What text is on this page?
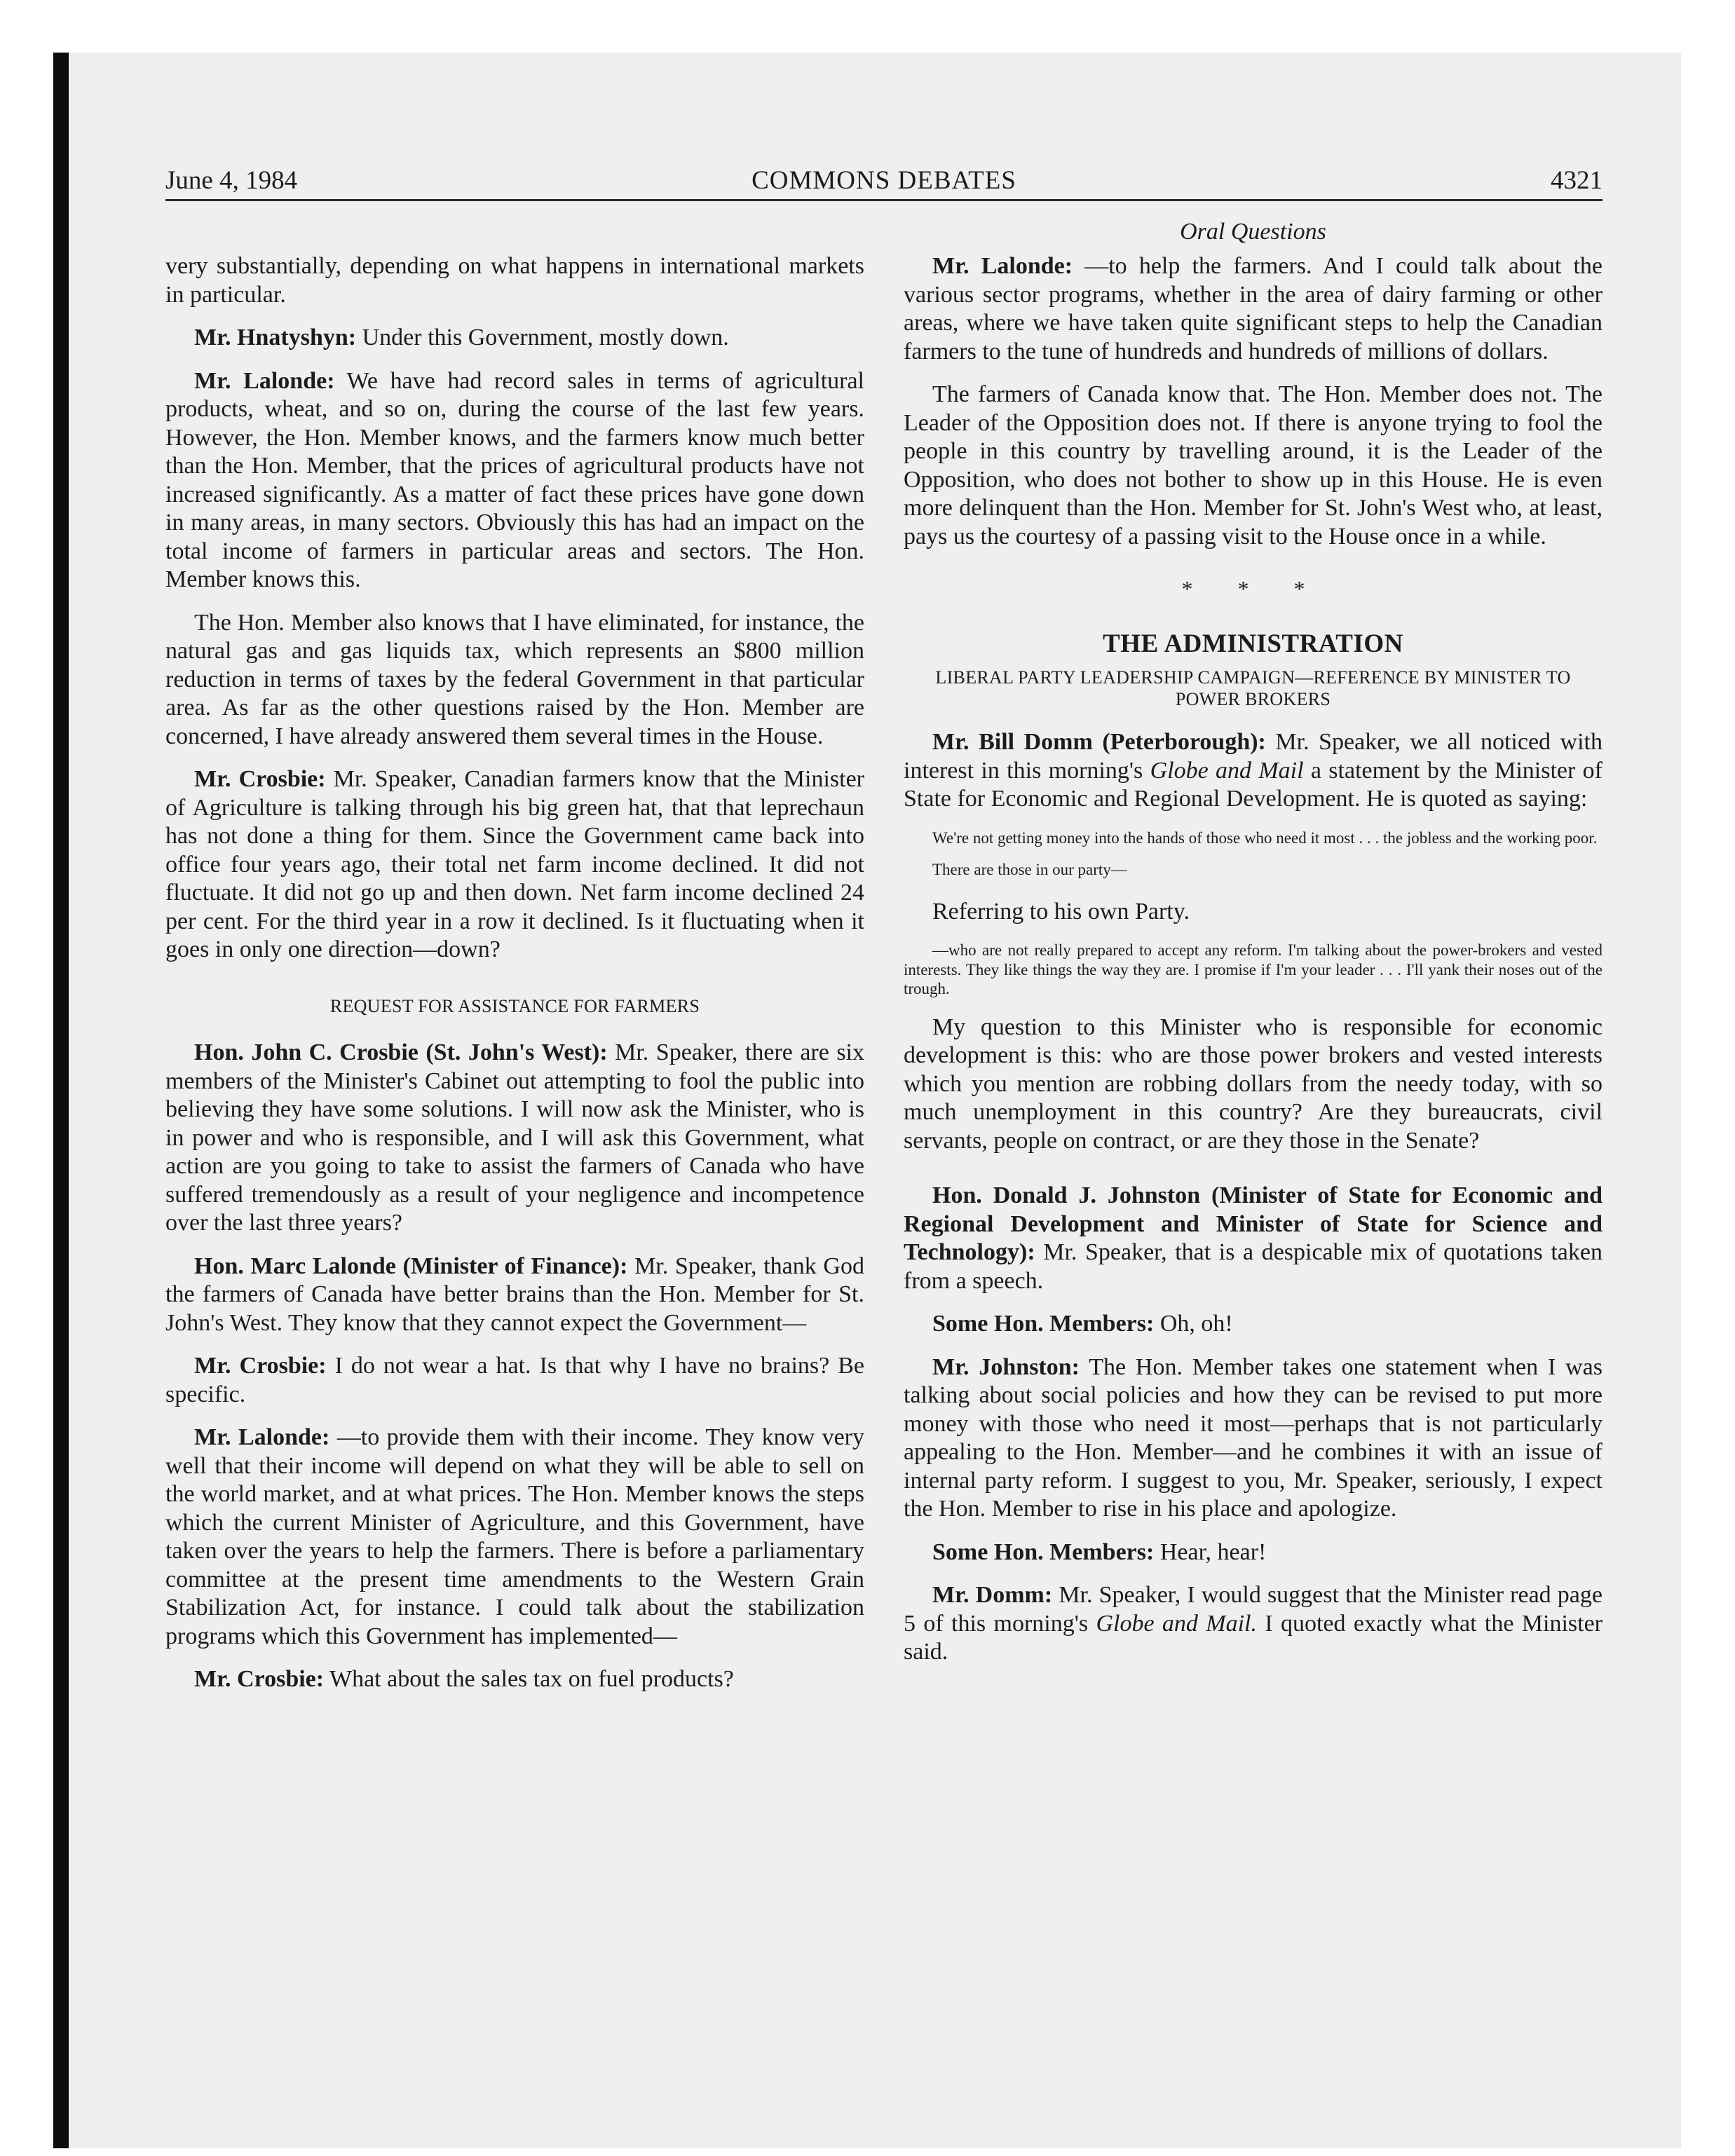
June 4, 1984	COMMONS DEBATES	4321
Oral Questions

very substantially, depending on what happens in international markets in particular.

Mr. Hnatyshyn: Under this Government, mostly down.

Mr. Lalonde: We have had record sales in terms of agricultural products, wheat, and so on, during the course of the last few years. However, the Hon. Member knows, and the farmers know much better than the Hon. Member, that the prices of agricultural products have not increased significantly. As a matter of fact these prices have gone down in many areas, in many sectors. Obviously this has had an impact on the total income of farmers in particular areas and sectors. The Hon. Member knows this.

The Hon. Member also knows that I have eliminated, for instance, the natural gas and gas liquids tax, which represents an $800 million reduction in terms of taxes by the federal Government in that particular area. As far as the other questions raised by the Hon. Member are concerned, I have already answered them several times in the House.

Mr. Crosbie: Mr. Speaker, Canadian farmers know that the Minister of Agriculture is talking through his big green hat, that that leprechaun has not done a thing for them. Since the Government came back into office four years ago, their total net farm income declined. It did not fluctuate. It did not go up and then down. Net farm income declined 24 per cent. For the third year in a row it declined. Is it fluctuating when it goes in only one direction—down?

REQUEST FOR ASSISTANCE FOR FARMERS

Hon. John C. Crosbie (St. John's West): Mr. Speaker, there are six members of the Minister's Cabinet out attempting to fool the public into believing they have some solutions. I will now ask the Minister, who is in power and who is responsible, and I will ask this Government, what action are you going to take to assist the farmers of Canada who have suffered tremendously as a result of your negligence and incompetence over the last three years?

Hon. Marc Lalonde (Minister of Finance): Mr. Speaker, thank God the farmers of Canada have better brains than the Hon. Member for St. John's West. They know that they cannot expect the Government—

Mr. Crosbie: I do not wear a hat. Is that why I have no brains? Be specific.

Mr. Lalonde: —to provide them with their income. They know very well that their income will depend on what they will be able to sell on the world market, and at what prices. The Hon. Member knows the steps which the current Minister of Agriculture, and this Government, have taken over the years to help the farmers. There is before a parliamentary committee at the present time amendments to the Western Grain Stabilization Act, for instance. I could talk about the stabilization programs which this Government has implemented—

Mr. Crosbie: What about the sales tax on fuel products?

Mr. Lalonde: —to help the farmers. And I could talk about the various sector programs, whether in the area of dairy farming or other areas, where we have taken quite significant steps to help the Canadian farmers to the tune of hundreds and hundreds of millions of dollars.

The farmers of Canada know that. The Hon. Member does not. The Leader of the Opposition does not. If there is anyone trying to fool the people in this country by travelling around, it is the Leader of the Opposition, who does not bother to show up in this House. He is even more delinquent than the Hon. Member for St. John's West who, at least, pays us the courtesy of a passing visit to the House once in a while.

* * *
THE ADMINISTRATION
LIBERAL PARTY LEADERSHIP CAMPAIGN—REFERENCE BY MINISTER TO POWER BROKERS

Mr. Bill Domm (Peterborough): Mr. Speaker, we all noticed with interest in this morning's Globe and Mail a statement by the Minister of State for Economic and Regional Development. He is quoted as saying:

We're not getting money into the hands of those who need it most . . . the jobless and the working poor.
There are those in our party—

Referring to his own Party.

—who are not really prepared to accept any reform. I'm talking about the power-brokers and vested interests. They like things the way they are. I promise if I'm your leader . . . I'll yank their noses out of the trough.

My question to this Minister who is responsible for economic development is this: who are those power brokers and vested interests which you mention are robbing dollars from the needy today, with so much unemployment in this country? Are they bureaucrats, civil servants, people on contract, or are they those in the Senate?

Hon. Donald J. Johnston (Minister of State for Economic and Regional Development and Minister of State for Science and Technology): Mr. Speaker, that is a despicable mix of quotations taken from a speech.

Some Hon. Members: Oh, oh!

Mr. Johnston: The Hon. Member takes one statement when I was talking about social policies and how they can be revised to put more money with those who need it most—perhaps that is not particularly appealing to the Hon. Member—and he combines it with an issue of internal party reform. I suggest to you, Mr. Speaker, seriously, I expect the Hon. Member to rise in his place and apologize.

Some Hon. Members: Hear, hear!

Mr. Domm: Mr. Speaker, I would suggest that the Minister read page 5 of this morning's Globe and Mail. I quoted exactly what the Minister said.
